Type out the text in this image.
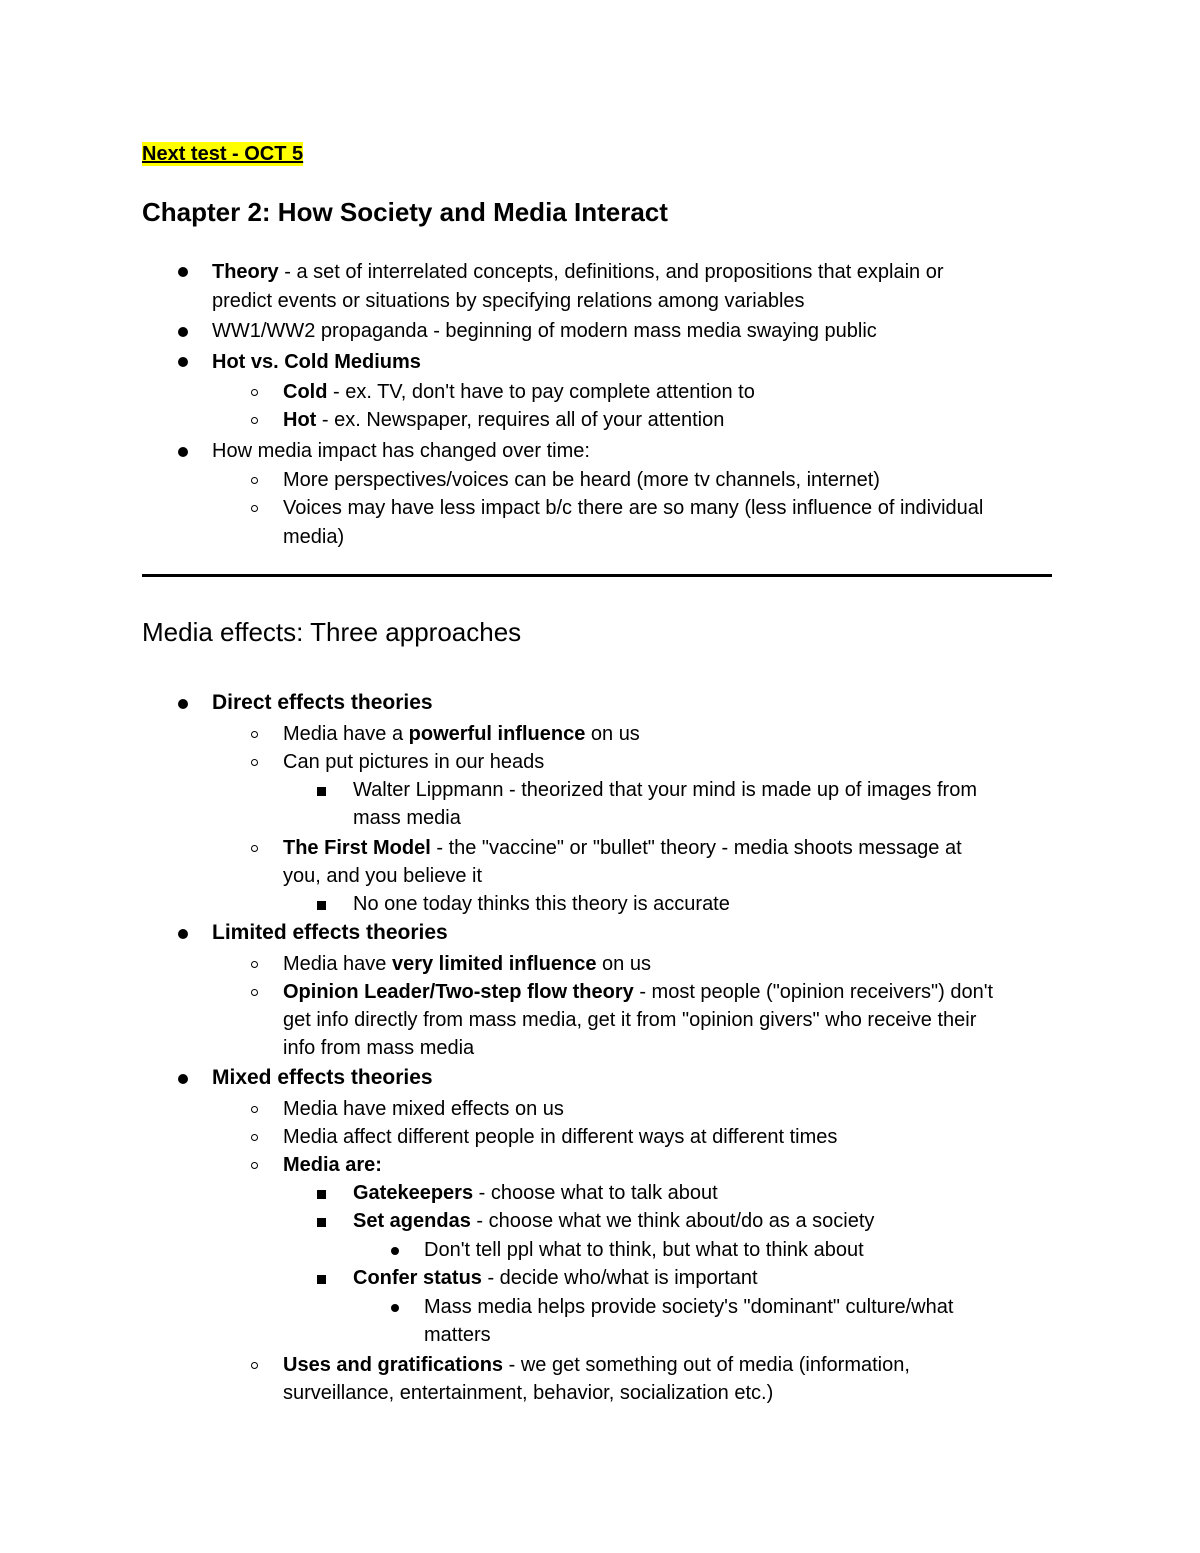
Next test - OCT 5
Chapter 2: How Society and Media Interact
Theory - a set of interrelated concepts, definitions, and propositions that explain or
predict events or situations by specifying relations among variables
WW1/WW2 propaganda - beginning of modern mass media swaying public
Hot vs. Cold Mediums
Cold - ex. TV, don't have to pay complete attention to
Hot - ex. Newspaper, requires all of your attention
How media impact has changed over time:
More perspectives/voices can be heard (more tv channels, internet)
Voices may have less impact b/c there are so many (less influence of individual
media)
Media effects: Three approaches
Direct effects theories
Media have a powerful influence on us
Can put pictures in our heads
Walter Lippmann - theorized that your mind is made up of images from
mass media
The First Model - the "vaccine" or "bullet" theory - media shoots message at
you, and you believe it
No one today thinks this theory is accurate
Limited effects theories
Media have very limited influence on us
Opinion Leader/Two-step flow theory - most people ("opinion receivers") don't
get info directly from mass media, get it from "opinion givers" who receive their
info from mass media
Mixed effects theories
Media have mixed effects on us
Media affect different people in different ways at different times
Media are:
Gatekeepers - choose what to talk about
Set agendas - choose what we think about/do as a society
Don't tell ppl what to think, but what to think about
Confer status - decide who/what is important
Mass media helps provide society's "dominant" culture/what
matters
Uses and gratifications - we get something out of media (information,
surveillance, entertainment, behavior, socialization etc.)
